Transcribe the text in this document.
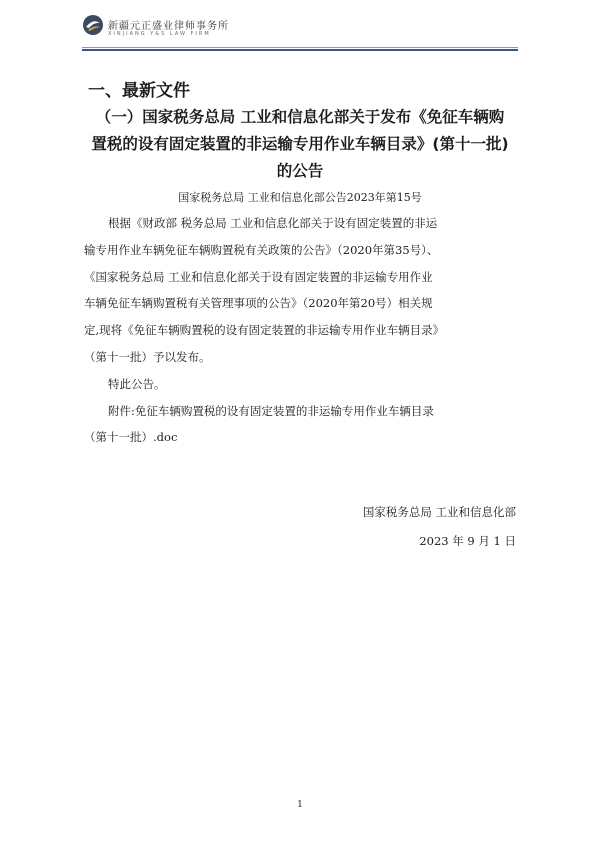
新疆元正盛业律师事务所
XINJIANG Y&S LAW FIRM
一、最新文件
（一）国家税务总局 工业和信息化部关于发布《免征车辆购
置税的设有固定装置的非运输专用作业车辆目录》(第十一批)
的公告
国家税务总局 工业和信息化部公告2023年第15号
根据《财政部 税务总局 工业和信息化部关于设有固定装置的非运
输专用作业车辆免征车辆购置税有关政策的公告》（2020年第35号）、
《国家税务总局 工业和信息化部关于设有固定装置的非运输专用作业
车辆免征车辆购置税有关管理事项的公告》（2020年第20号）相关规
定,现将《免征车辆购置税的设有固定装置的非运输专用作业车辆目录》
（第十一批）予以发布。
特此公告。
附件:免征车辆购置税的设有固定装置的非运输专用作业车辆目录
（第十一批）.doc
国家税务总局 工业和信息化部
2023 年 9 月 1 日
1
